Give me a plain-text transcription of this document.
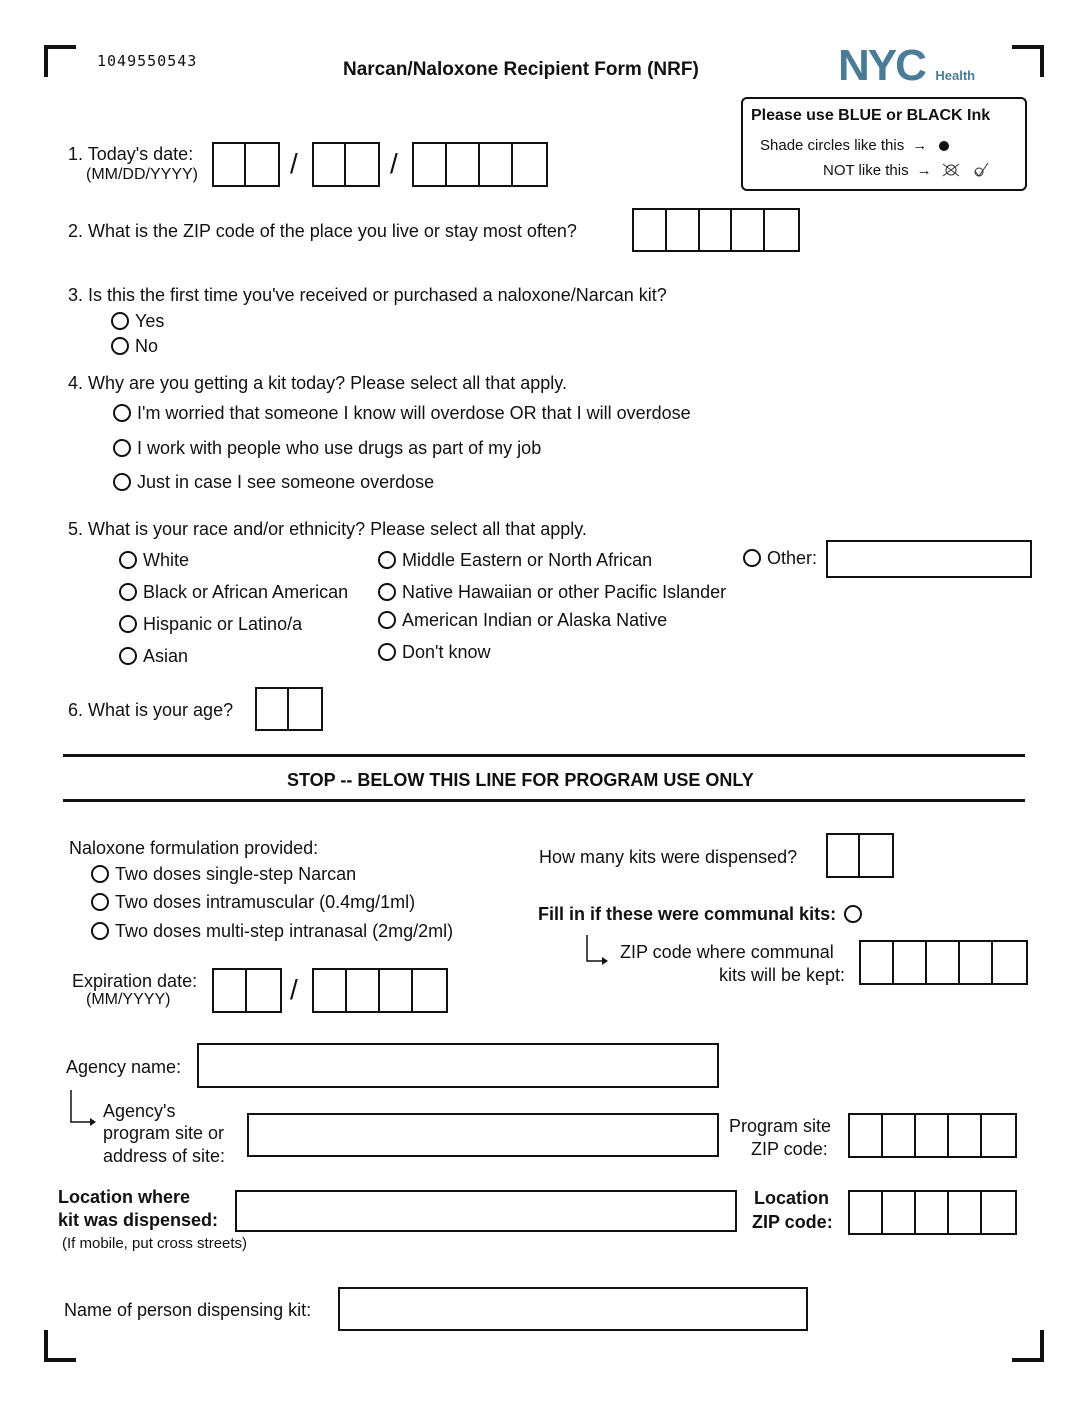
1049550543	Narcan/Naloxone Recipient Form (NRF)	NYC Health
Please use BLUE or BLACK Ink
Shade circles like this →
NOT like this →
1. Today's date:
(MM/DD/YYYY)	/	/
2. What is the ZIP code of the place you live or stay most often?
3. Is this the first time you've received or purchased a naloxone/Narcan kit?
Yes
No
4. Why are you getting a kit today? Please select all that apply.
I'm worried that someone I know will overdose OR that I will overdose
I work with people who use drugs as part of my job
Just in case I see someone overdose
5. What is your race and/or ethnicity? Please select all that apply.
White
Black or African American
Hispanic or Latino/a
Asian
Middle Eastern or North African
Native Hawaiian or other Pacific Islander
American Indian or Alaska Native
Don't know
Other:
6. What is your age?
STOP -- BELOW THIS LINE FOR PROGRAM USE ONLY
Naloxone formulation provided:
Two doses single-step Narcan
Two doses intramuscular (0.4mg/1ml)
Two doses multi-step intranasal (2mg/2ml)
How many kits were dispensed?
Fill in if these were communal kits:
ZIP code where communal
kits will be kept:
Expiration date:
(MM/YYYY)	/
Agency name:
Agency's
program site or
address of site:
Program site
ZIP code:
Location where
kit was dispensed:
(If mobile, put cross streets)
Location
ZIP code:
Name of person dispensing kit:
